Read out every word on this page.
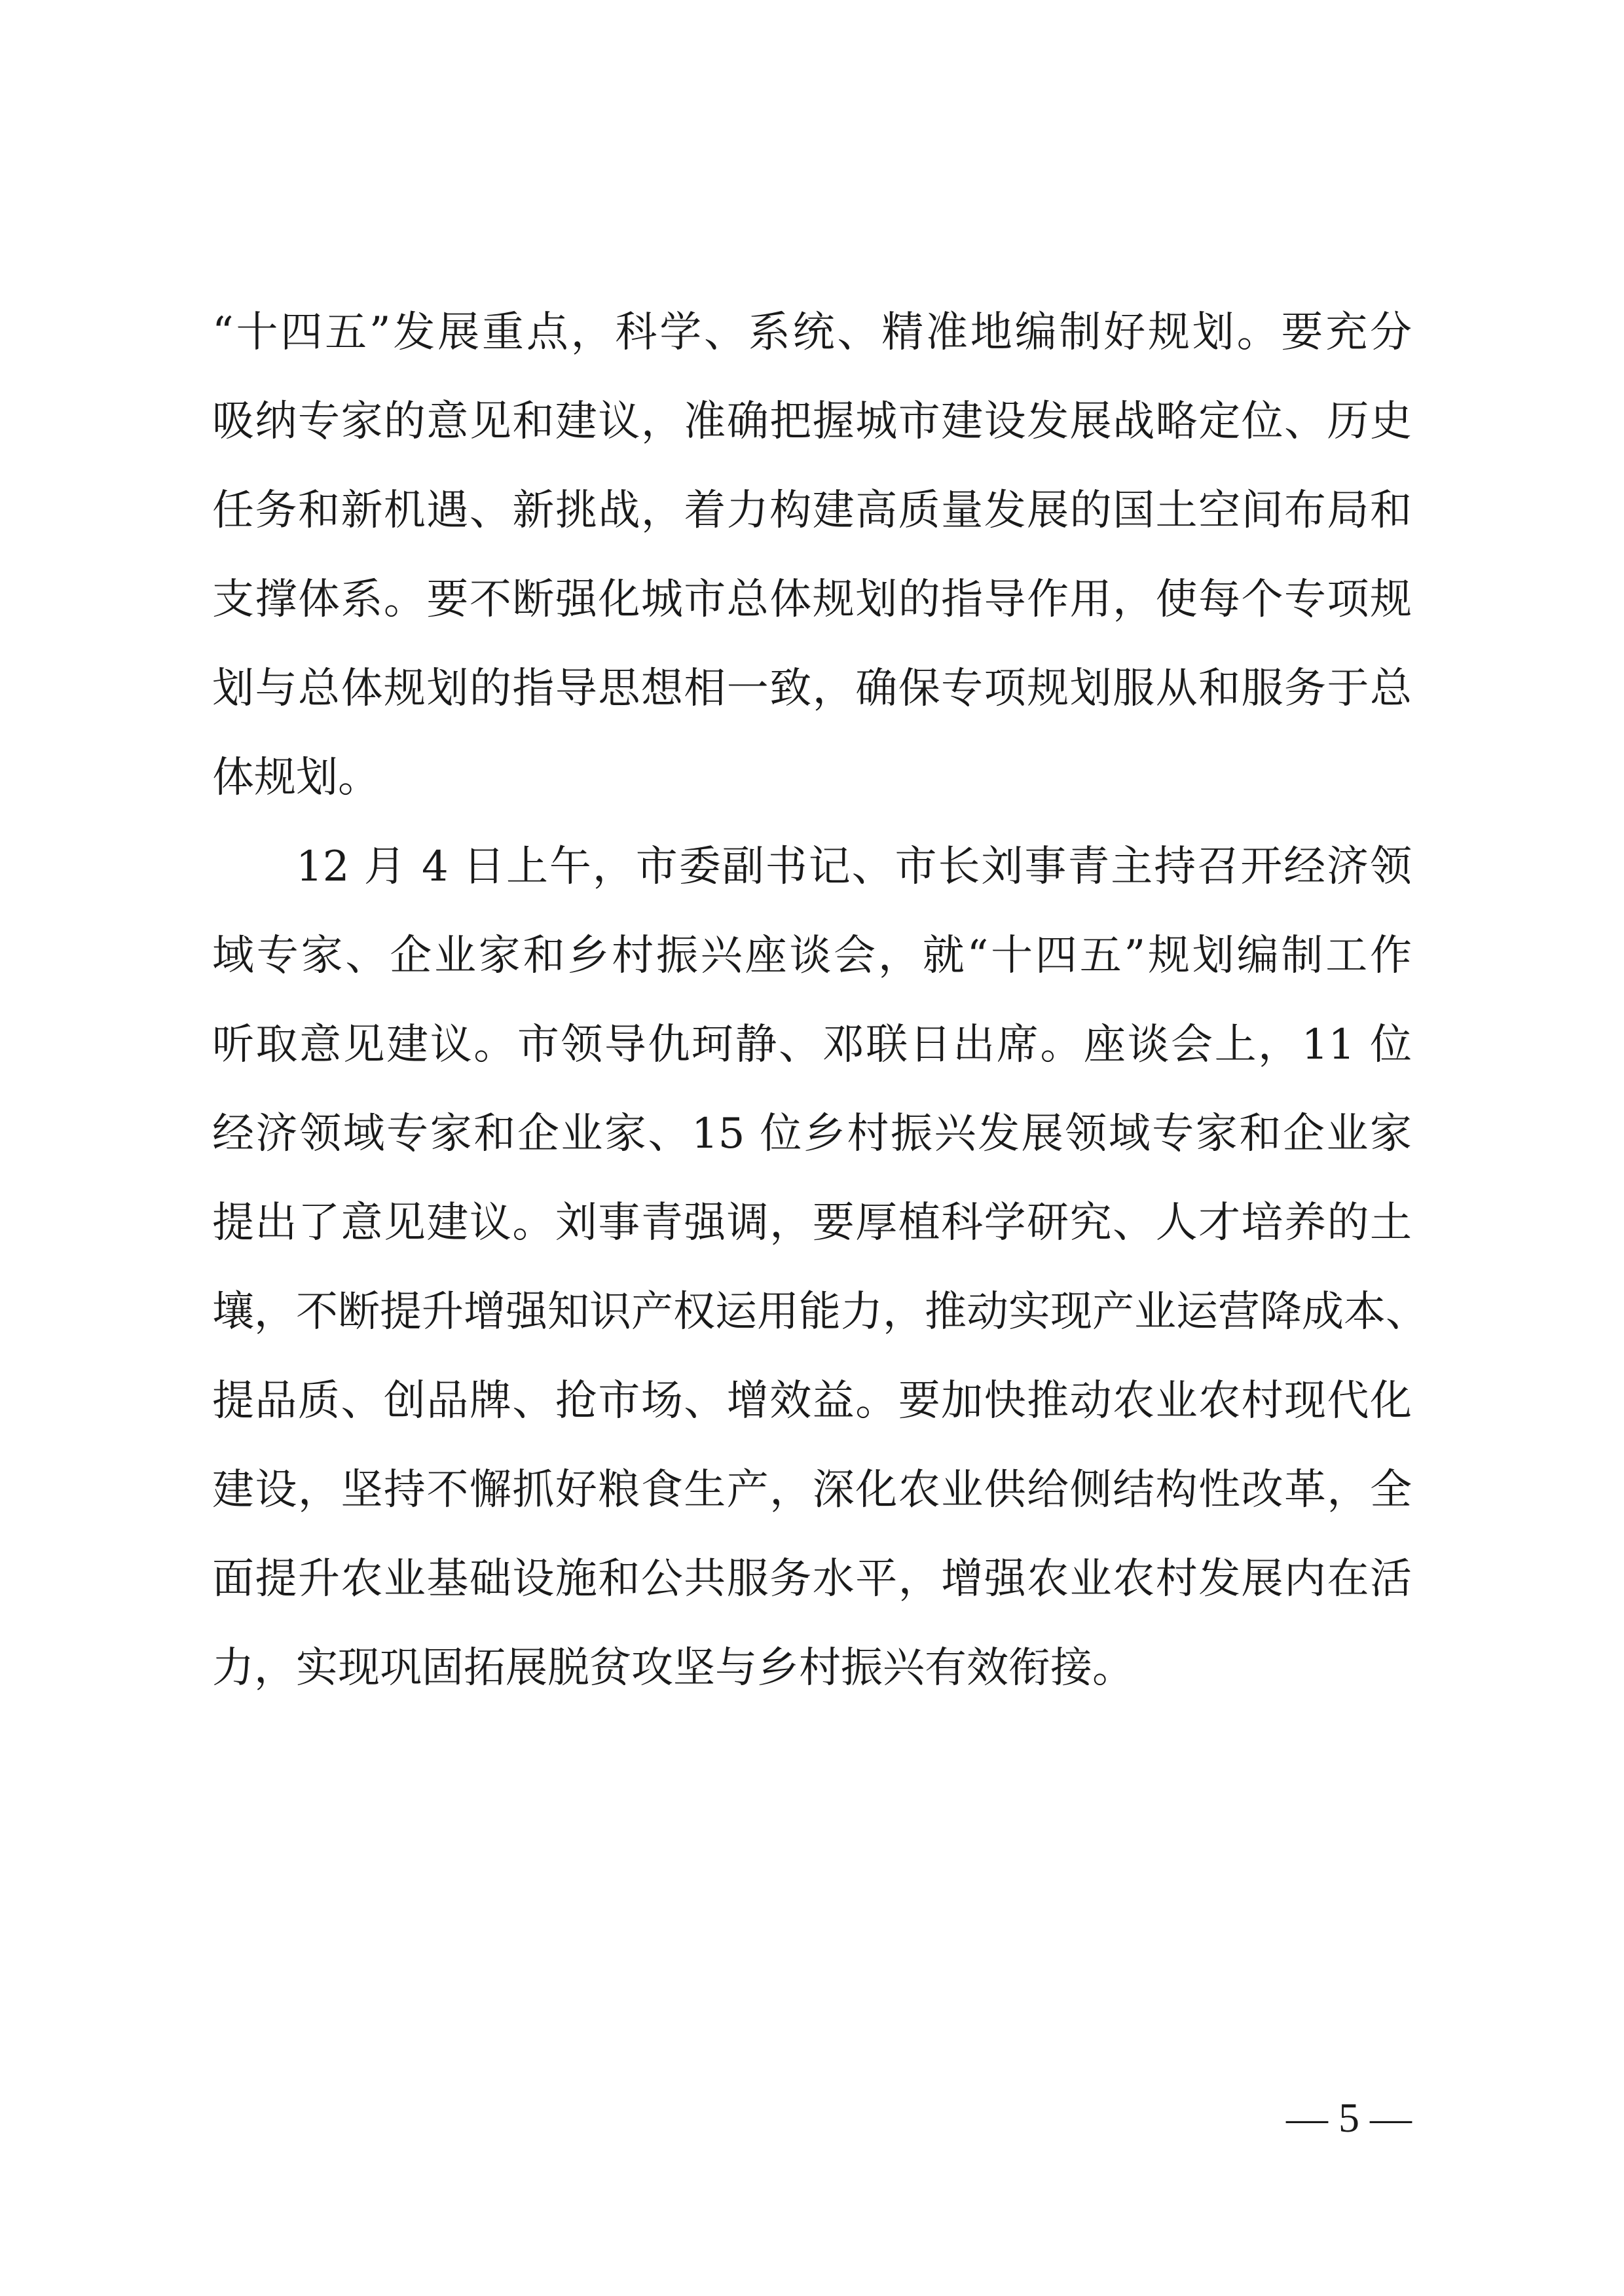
“十四五”发展重点，科学、系统、精准地编制好规划。要充分
吸纳专家的意见和建议，准确把握城市建设发展战略定位、历史
任务和新机遇、新挑战，着力构建高质量发展的国土空间布局和
支撑体系。要不断强化城市总体规划的指导作用，使每个专项规
划与总体规划的指导思想相一致，确保专项规划服从和服务于总
体规划。
12 月 4 日上午，市委副书记、市长刘事青主持召开经济领
域专家、企业家和乡村振兴座谈会，就“十四五”规划编制工作
听取意见建议。市领导仇珂静、邓联日出席。座谈会上，11 位
经济领域专家和企业家、15 位乡村振兴发展领域专家和企业家
提出了意见建议。刘事青强调，要厚植科学研究、人才培养的土
壤，不断提升增强知识产权运用能力，推动实现产业运营降成本、
提品质、创品牌、抢市场、增效益。要加快推动农业农村现代化
建设，坚持不懈抓好粮食生产，深化农业供给侧结构性改革，全
面提升农业基础设施和公共服务水平，增强农业农村发展内在活
力，实现巩固拓展脱贫攻坚与乡村振兴有效衔接。
— 5 —
